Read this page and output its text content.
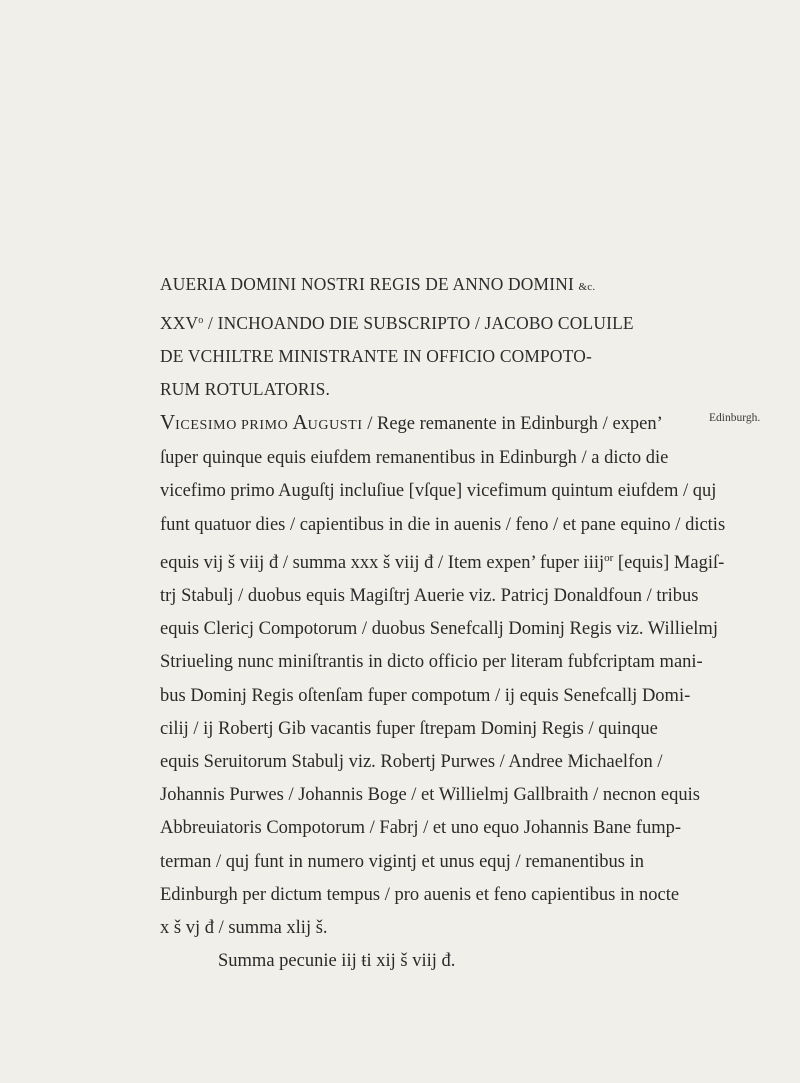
AUERIA DOMINI NOSTRI REGIS DE ANNO DOMINI &c.
XXV$^o$ / INCHOANDO DIE SUBSCRIPTO / JACOBO COLUILE
DE VCHILTRE MINISTRANTE IN OFFICIO COMPOTO-
RUM ROTULATORIS.
Edinburgh.
VICESIMO PRIMO AUGUSTI / Rege remanente in Edinburgh / expen’
ſuper quinque equis eiufdem remanentibus in Edinburgh / a dicto die
vicefimo primo Auguſtj incluſiue [vſque] vicefimum quintum eiufdem / quj
funt quatuor dies / capientibus in die in auenis / feno / et pane equino / dictis
equis vij š viij đ / summa xxx š viij đ / Item expen’ fuper iiij$^{or}$ [equis] Magiſ-
trj Stabulj / duobus equis Magiſtrj Auerie viz. Patricj Donaldfoun / tribus
equis Clericj Compotorum / duobus Senefcallj Dominj Regis viz. Willielmj
Striueling nunc miniſtrantis in dicto officio per literam fubfcriptam mani-
bus Dominj Regis oſtenſam fuper compotum / ij equis Senefcallj Domi-
cilij / ij Robertj Gib vacantis fuper ſtrepam Dominj Regis / quinque
equis Seruitorum Stabulj viz. Robertj Purwes / Andree Michaelfon /
Johannis Purwes / Johannis Boge / et Willielmj Gallbraith / necnon equis
Abbreuiatoris Compotorum / Fabrj / et uno equo Johannis Bane fump-
terman / quj funt in numero vigintj et unus equj / remanentibus in
Edinburgh per dictum tempus / pro auenis et feno capientibus in nocte
x š vj đ / summa xlij š.
Summa pecunie iij ŧi xij š viij đ.
